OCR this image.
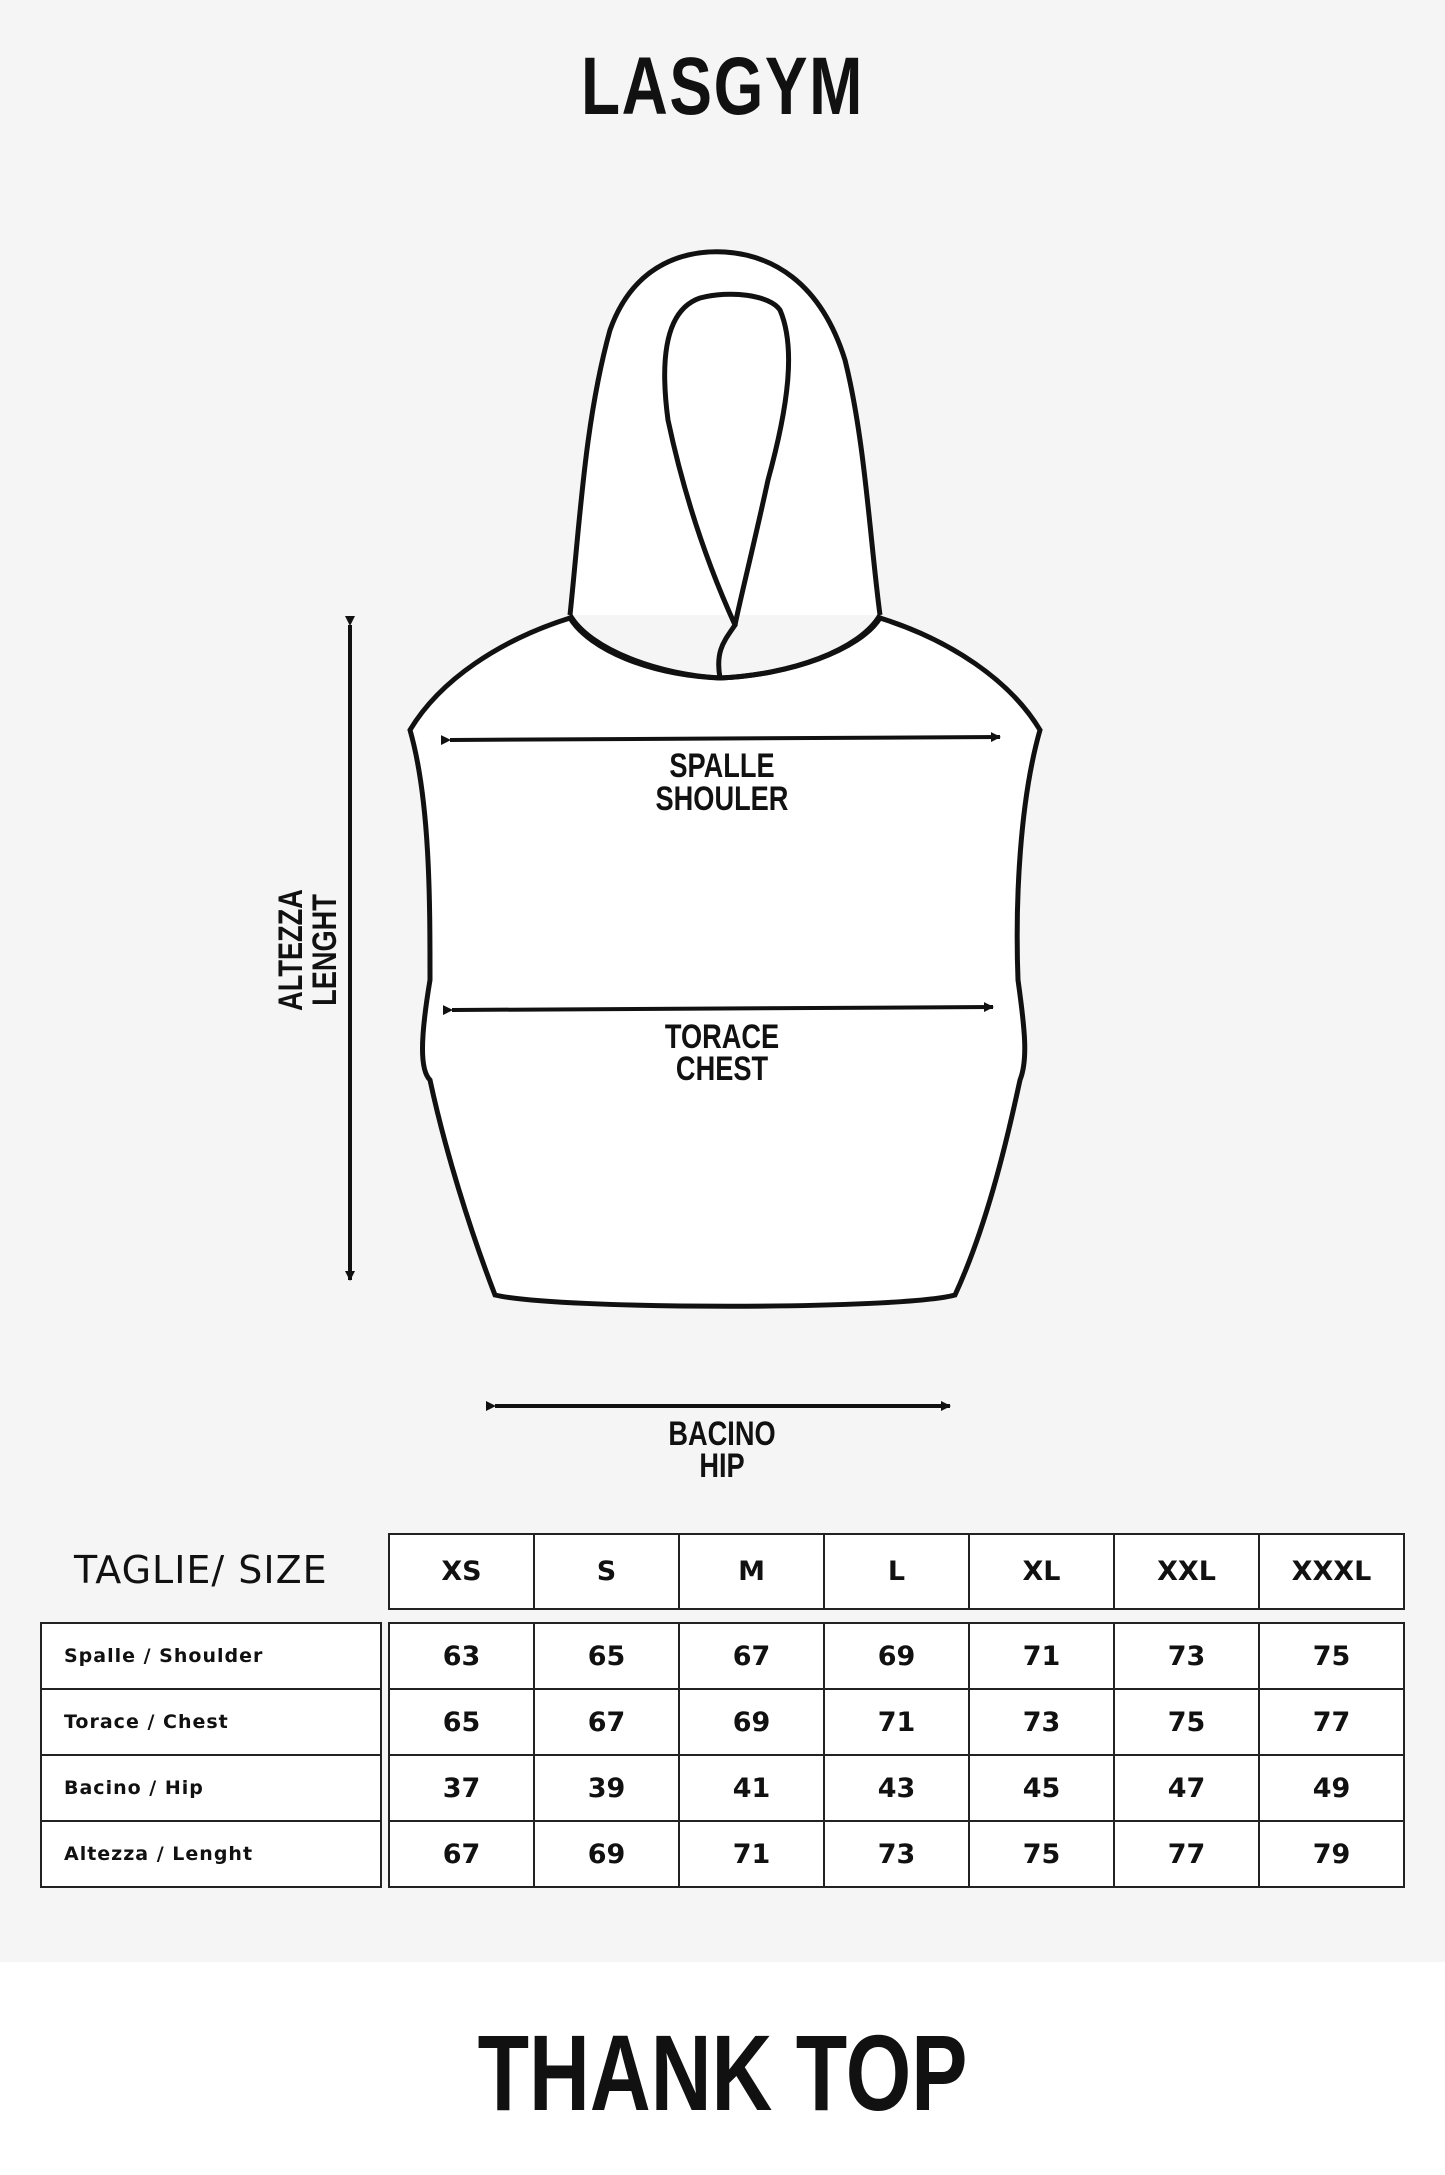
LASGYM
SPALLE
SHOULER
TORACE
CHEST
BACINO
HIP
ALTEZZA
LENGHT
TAGLIE/ SIZE	XS	S	M	L	XL	XXL	XXXL
Spalle / Shoulder	63	65	67	69	71	73	75
Torace / Chest	65	67	69	71	73	75	77
Bacino / Hip	37	39	41	43	45	47	49
Altezza / Lenght	67	69	71	73	75	77	79
THANK TOP
